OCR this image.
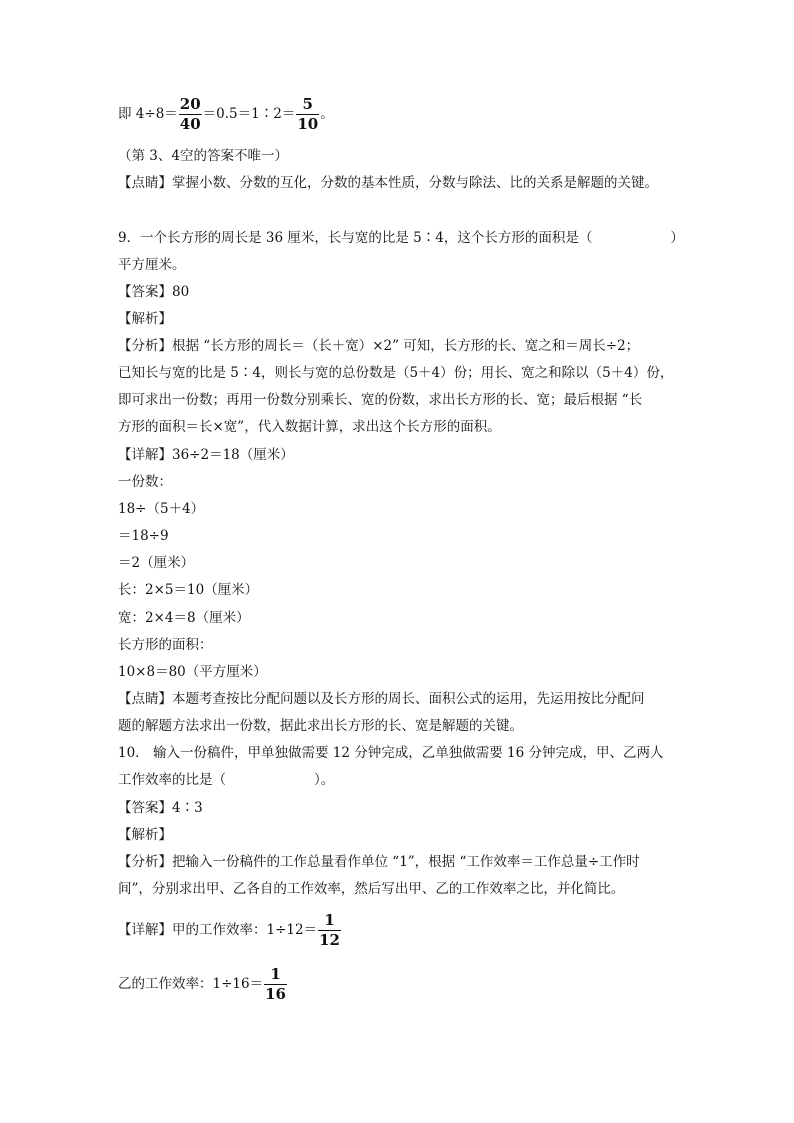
即 $4\div 8= \frac{20}{40}$ ＝0.5＝1∶2＝ $\frac{5}{10}$ 。
（第 3、4空的答案不唯一）
【点睛】掌握小数、分数的互化，分数的基本性质，分数与除法、比的关系是解题的关键。
9．一个长方形的周长是 36 厘米，长与宽的比是 5∶4，这个长方形的面积是（	）
平方厘米。
【答案】80
【解析】
【分析】根据 “长方形的周长＝（长＋宽）×2” 可知，长方形的长、宽之和＝周长÷2；
已知长与宽的比是 5∶4，则长与宽的总份数是（5＋4）份；用长、宽之和除以（5＋4）份，
即可求出一份数；再用一份数分别乘长、宽的份数，求出长方形的长、宽；最后根据 “长
方形的面积＝长×宽”，代入数据计算，求出这个长方形的面积。
【详解】36÷2＝18（厘米）
一份数：
18÷（5＋4）
＝18÷9
＝2（厘米）
长：2×5＝10（厘米）
宽：2×4＝8（厘米）
长方形的面积：
10×8＝80（平方厘米）
【点睛】本题考查按比分配问题以及长方形的周长、面积公式的运用，先运用按比分配问
题的解题方法求出一份数，据此求出长方形的长、宽是解题的关键。
10． 输入一份稿件，甲单独做需要 12 分钟完成，乙单独做需要 16 分钟完成，甲、乙两人
工作效率的比是（	）。
【答案】4∶3
【解析】
【分析】把输入一份稿件的工作总量看作单位 “1”，根据 “工作效率＝工作总量÷工作时
间”，分别求出甲、乙各自的工作效率，然后写出甲、乙的工作效率之比，并化简比。
【详解】甲的工作效率：$1\div 12= \frac{1}{12}$
乙的工作效率：$1\div 16= \frac{1}{16}$
